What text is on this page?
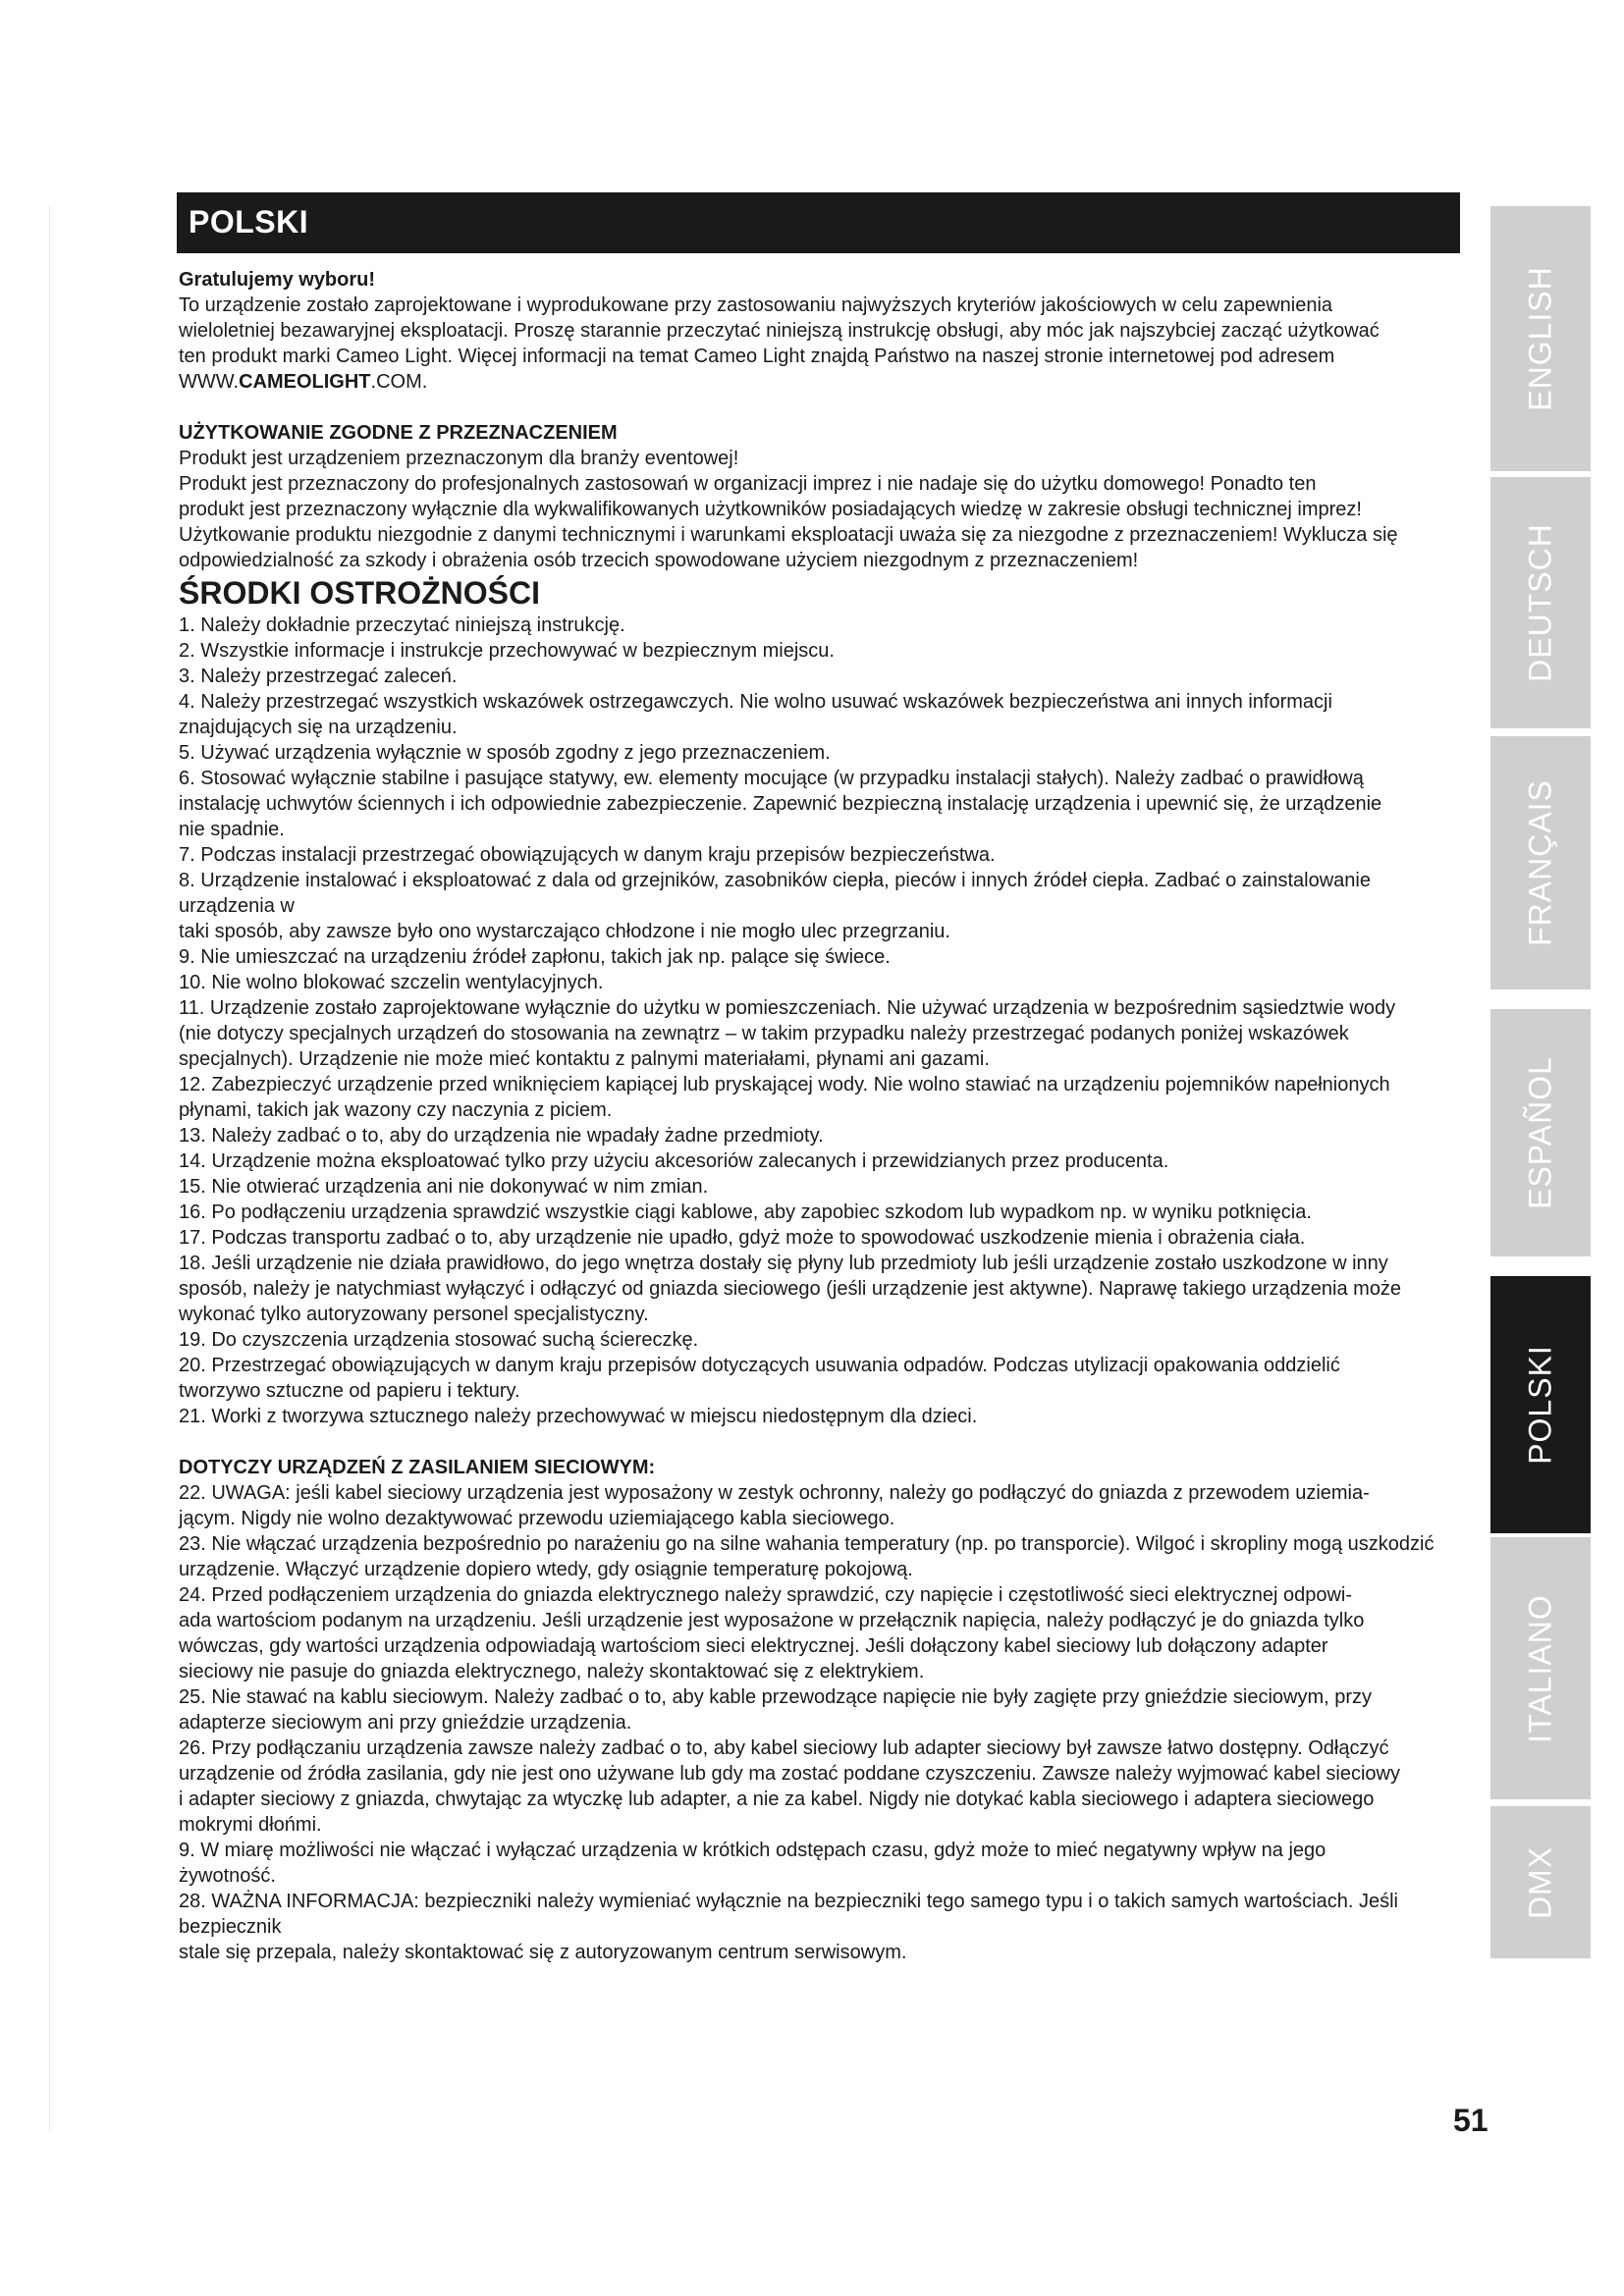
POLSKI

Gratulujemy wyboru!

To urządzenie zostało zaprojektowane i wyprodukowane przy zastosowaniu najwyższych kryteriów jakościowych w celu zapewnienia

wieloletniej bezawaryjnej eksploatacji. Proszę starannie przeczytać niniejszą instrukcję obsługi, aby móc jak najszybciej zacząć użytkować

ten produkt marki Cameo Light. Więcej informacji na temat Cameo Light znajdą Państwo na naszej stronie internetowej pod adresem

WWW.CAMEOLIGHT.COM.

UŻYTKOWANIE ZGODNE Z PRZEZNACZENIEM

Produkt jest urządzeniem przeznaczonym dla branży eventowej!

Produkt jest przeznaczony do profesjonalnych zastosowań w organizacji imprez i nie nadaje się do użytku domowego! Ponadto ten

produkt jest przeznaczony wyłącznie dla wykwalifikowanych użytkowników posiadających wiedzę w zakresie obsługi technicznej imprez!

Użytkowanie produktu niezgodnie z danymi technicznymi i warunkami eksploatacji uważa się za niezgodne z przeznaczeniem! Wyklucza się

odpowiedzialność za szkody i obrażenia osób trzecich spowodowane użyciem niezgodnym z przeznaczeniem!

ŚRODKI OSTROŻNOŚCI

1. Należy dokładnie przeczytać niniejszą instrukcję.

2. Wszystkie informacje i instrukcje przechowywać w bezpiecznym miejscu.

3. Należy przestrzegać zaleceń.

4. Należy przestrzegać wszystkich wskazówek ostrzegawczych. Nie wolno usuwać wskazówek bezpieczeństwa ani innych informacji

znajdujących się na urządzeniu.

5. Używać urządzenia wyłącznie w sposób zgodny z jego przeznaczeniem.

6. Stosować wyłącznie stabilne i pasujące statywy, ew. elementy mocujące (w przypadku instalacji stałych). Należy zadbać o prawidłową

instalację uchwytów ściennych i ich odpowiednie zabezpieczenie. Zapewnić bezpieczną instalację urządzenia i upewnić się, że urządzenie

nie spadnie.

7. Podczas instalacji przestrzegać obowiązujących w danym kraju przepisów bezpieczeństwa.

8. Urządzenie instalować i eksploatować z dala od grzejników, zasobników ciepła, pieców i innych źródeł ciepła. Zadbać o zainstalowanie urządzenia w

taki sposób, aby zawsze było ono wystarczająco chłodzone i nie mogło ulec przegrzaniu.

9. Nie umieszczać na urządzeniu źródeł zapłonu, takich jak np. palące się świece.

10. Nie wolno blokować szczelin wentylacyjnych.

11. Urządzenie zostało zaprojektowane wyłącznie do użytku w pomieszczeniach. Nie używać urządzenia w bezpośrednim sąsiedztwie wody

(nie dotyczy specjalnych urządzeń do stosowania na zewnątrz – w takim przypadku należy przestrzegać podanych poniżej wskazówek

specjalnych). Urządzenie nie może mieć kontaktu z palnymi materiałami, płynami ani gazami.

12. Zabezpieczyć urządzenie przed wniknięciem kapiącej lub pryskającej wody. Nie wolno stawiać na urządzeniu pojemników napełnionych

płynami, takich jak wazony czy naczynia z piciem.

13. Należy zadbać o to, aby do urządzenia nie wpadały żadne przedmioty.

14. Urządzenie można eksploatować tylko przy użyciu akcesoriów zalecanych i przewidzianych przez producenta.

15. Nie otwierać urządzenia ani nie dokonywać w nim zmian.

16. Po podłączeniu urządzenia sprawdzić wszystkie ciągi kablowe, aby zapobiec szkodom lub wypadkom np. w wyniku potknięcia.

17. Podczas transportu zadbać o to, aby urządzenie nie upadło, gdyż może to spowodować uszkodzenie mienia i obrażenia ciała.

18. Jeśli urządzenie nie działa prawidłowo, do jego wnętrza dostały się płyny lub przedmioty lub jeśli urządzenie zostało uszkodzone w inny

sposób, należy je natychmiast wyłączyć i odłączyć od gniazda sieciowego (jeśli urządzenie jest aktywne). Naprawę takiego urządzenia może

wykonać tylko autoryzowany personel specjalistyczny.

19. Do czyszczenia urządzenia stosować suchą ściereczkę.

20. Przestrzegać obowiązujących w danym kraju przepisów dotyczących usuwania odpadów. Podczas utylizacji opakowania oddzielić

tworzywo sztuczne od papieru i tektury.

21. Worki z tworzywa sztucznego należy przechowywać w miejscu niedostępnym dla dzieci.

DOTYCZY URZĄDZEŃ Z ZASILANIEM SIECIOWYM:

22. UWAGA: jeśli kabel sieciowy urządzenia jest wyposażony w zestyk ochronny, należy go podłączyć do gniazda z przewodem uziemia-

jącym. Nigdy nie wolno dezaktywować przewodu uziemiającego kabla sieciowego.

23. Nie włączać urządzenia bezpośrednio po narażeniu go na silne wahania temperatury (np. po transporcie). Wilgoć i skropliny mogą uszkodzić

urządzenie. Włączyć urządzenie dopiero wtedy, gdy osiągnie temperaturę pokojową.

24. Przed podłączeniem urządzenia do gniazda elektrycznego należy sprawdzić, czy napięcie i częstotliwość sieci elektrycznej odpowi-

ada wartościom podanym na urządzeniu. Jeśli urządzenie jest wyposażone w przełącznik napięcia, należy podłączyć je do gniazda tylko

wówczas, gdy wartości urządzenia odpowiadają wartościom sieci elektrycznej. Jeśli dołączony kabel sieciowy lub dołączony adapter

sieciowy nie pasuje do gniazda elektrycznego, należy skontaktować się z elektrykiem.

25. Nie stawać na kablu sieciowym. Należy zadbać o to, aby kable przewodzące napięcie nie były zagięte przy gnieździe sieciowym, przy

adapterze sieciowym ani przy gnieździe urządzenia.

26. Przy podłączaniu urządzenia zawsze należy zadbać o to, aby kabel sieciowy lub adapter sieciowy był zawsze łatwo dostępny. Odłączyć

urządzenie od źródła zasilania, gdy nie jest ono używane lub gdy ma zostać poddane czyszczeniu. Zawsze należy wyjmować kabel sieciowy

i adapter sieciowy z gniazda, chwytając za wtyczkę lub adapter, a nie za kabel. Nigdy nie dotykać kabla sieciowego i adaptera sieciowego

mokrymi dłońmi.

9. W miarę możliwości nie włączać i wyłączać urządzenia w krótkich odstępach czasu, gdyż może to mieć negatywny wpływ na jego

żywotność.

28. WAŻNA INFORMACJA: bezpieczniki należy wymieniać wyłącznie na bezpieczniki tego samego typu i o takich samych wartościach. Jeśli bezpiecznik

stale się przepala, należy skontaktować się z autoryzowanym centrum serwisowym.

51
ENGLISH
DEUTSCH
FRANÇAIS
ESPAÑOL
POLSKI
ITALIANO
DMX
